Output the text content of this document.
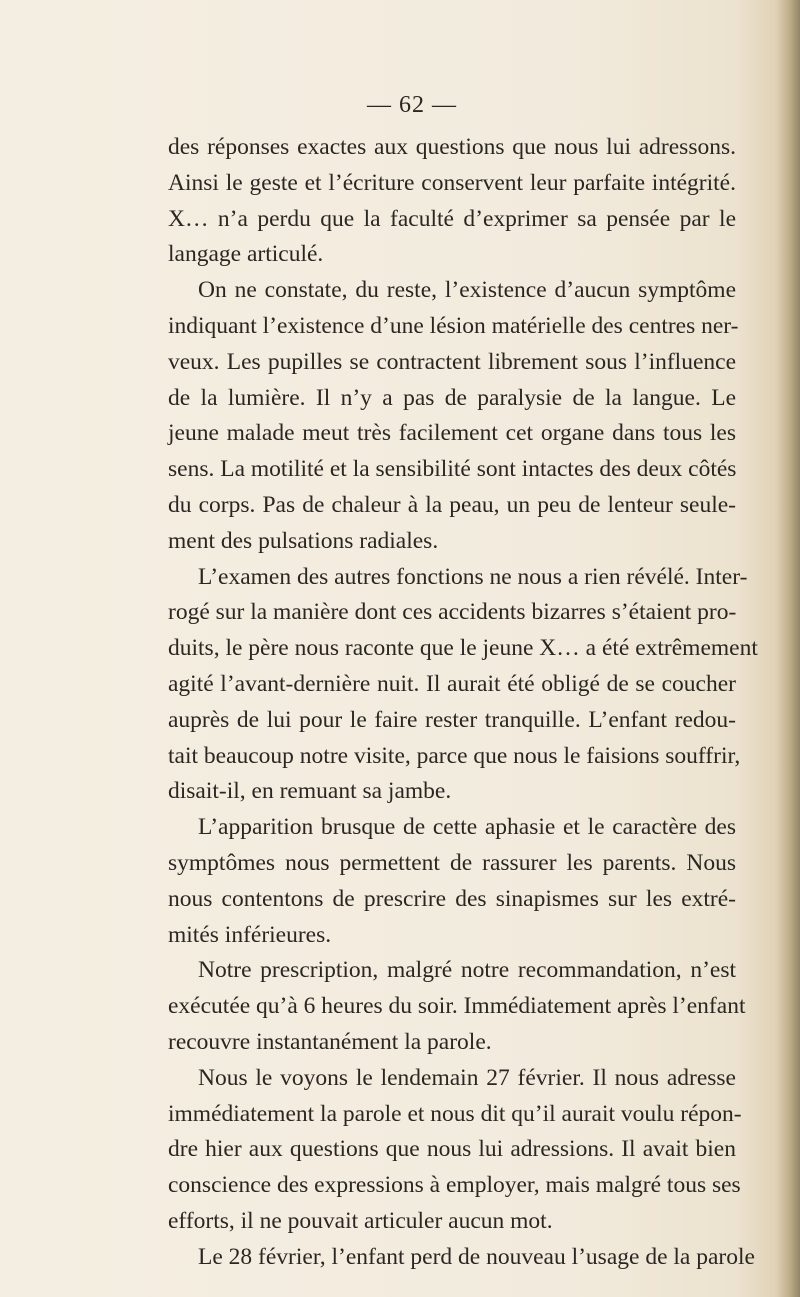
— 62 —

des réponses exactes aux questions que nous lui adressons.
Ainsi le geste et l’écriture conservent leur parfaite intégrité.
X… n’a perdu que la faculté d’exprimer sa pensée par le
langage articulé.
On ne constate, du reste, l’existence d’aucun symptôme
indiquant l’existence d’une lésion matérielle des centres ner-
veux. Les pupilles se contractent librement sous l’influence
de la lumière. Il n’y a pas de paralysie de la langue. Le
jeune malade meut très facilement cet organe dans tous les
sens. La motilité et la sensibilité sont intactes des deux côtés
du corps. Pas de chaleur à la peau, un peu de lenteur seule-
ment des pulsations radiales.
L’examen des autres fonctions ne nous a rien révélé. Inter-
rogé sur la manière dont ces accidents bizarres s’étaient pro-
duits, le père nous raconte que le jeune X… a été extrêmement
agité l’avant-dernière nuit. Il aurait été obligé de se coucher
auprès de lui pour le faire rester tranquille. L’enfant redou-
tait beaucoup notre visite, parce que nous le faisions souffrir,
disait-il, en remuant sa jambe.
L’apparition brusque de cette aphasie et le caractère des
symptômes nous permettent de rassurer les parents. Nous
nous contentons de prescrire des sinapismes sur les extré-
mités inférieures.
Notre prescription, malgré notre recommandation, n’est
exécutée qu’à 6 heures du soir. Immédiatement après l’enfant
recouvre instantanément la parole.
Nous le voyons le lendemain 27 février. Il nous adresse
immédiatement la parole et nous dit qu’il aurait voulu répon-
dre hier aux questions que nous lui adressions. Il avait bien
conscience des expressions à employer, mais malgré tous ses
efforts, il ne pouvait articuler aucun mot.
Le 28 février, l’enfant perd de nouveau l’usage de la parole
